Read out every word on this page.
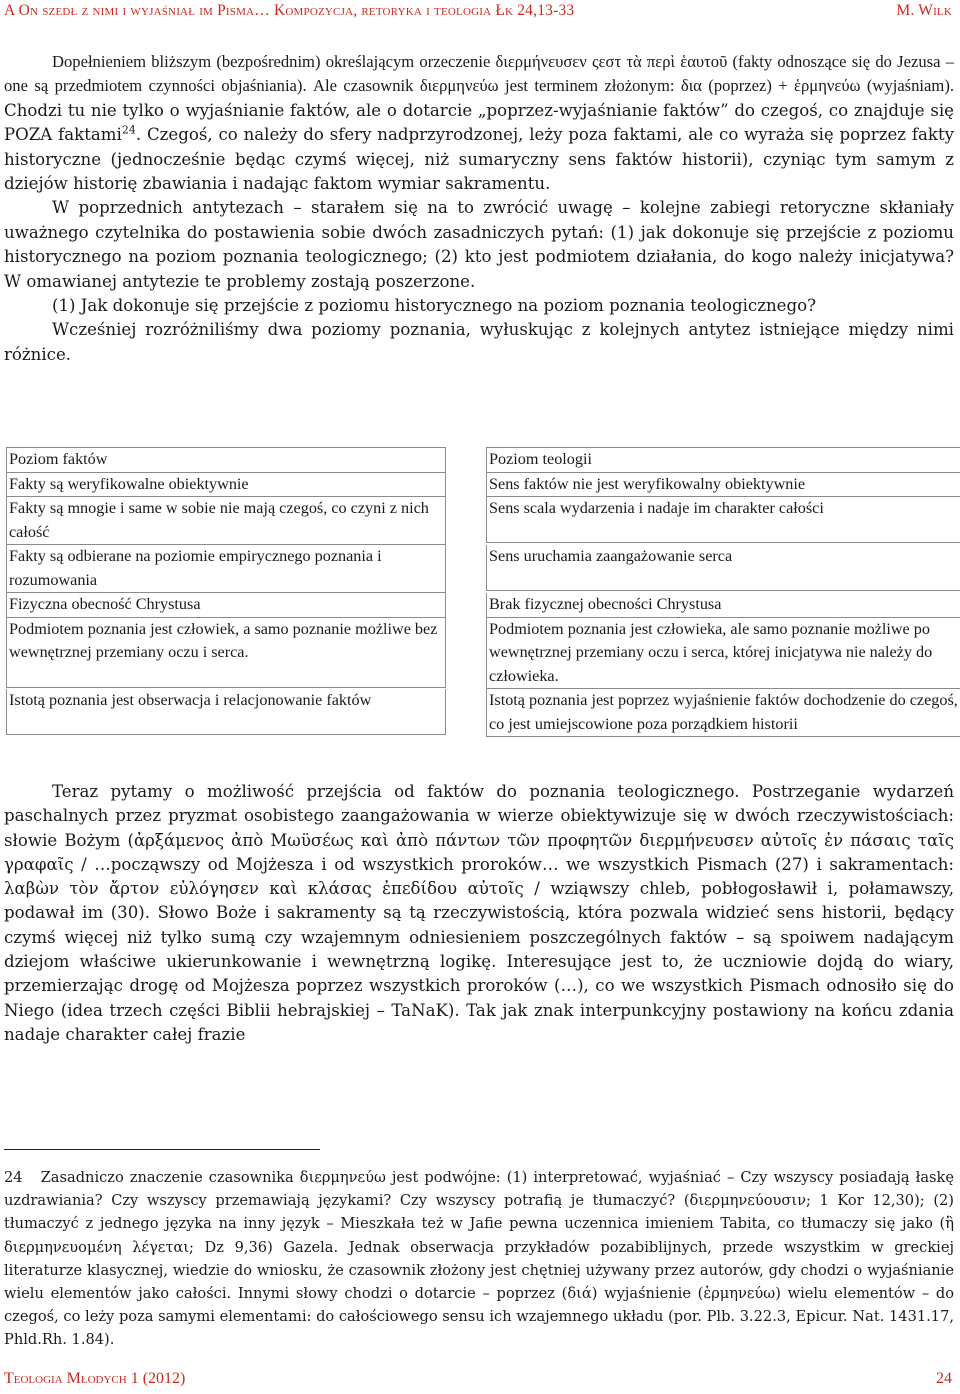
A On szedł z nimi i wyjaśniał im Pisma… Kompozycja, retoryka i teologia Łk 24,13-33	M. Wilk

Dopełnieniem bliższym (bezpośrednim) określającym orzeczenie διερμήνευσεν ςεστ τὰ περὶ ἑαυτοῦ (fakty odnoszące się do Jezusa – one są przedmiotem czynności objaśniania). Ale czasownik διερμηνεύω jest terminem złożonym: δια (poprzez) + ἑρμηνεύω (wyjaśniam). Chodzi tu nie tylko o wyjaśnianie faktów, ale o dotarcie „poprzez-wyjaśnianie faktów” do czegoś, co znajduje się POZA faktami$^{24}$. Czegoś, co należy do sfery nadprzyrodzonej, leży poza faktami, ale co wyraża się poprzez fakty historyczne (jednocześnie będąc czymś więcej, niż sumaryczny sens faktów historii), czyniąc tym samym z dziejów historię zbawiania i nadając faktom wymiar sakramentu.

W poprzednich antytezach – starałem się na to zwrócić uwagę – kolejne zabiegi retoryczne skłaniały uważnego czytelnika do postawienia sobie dwóch zasadniczych pytań: (1) jak dokonuje się przejście z poziomu historycznego na poziom poznania teologicznego; (2) kto jest podmiotem działania, do kogo należy inicjatywa? W omawianej antytezie te problemy zostają poszerzone.

(1) Jak dokonuje się przejście z poziomu historycznego na poziom poznania teologicznego?

Wcześniej rozróżniliśmy dwa poziomy poznania, wyłuskując z kolejnych antytez istniejące między nimi różnice.

Poziom faktów	Poziom teologii

Fakty są weryfikowalne obiektywnie	Sens faktów nie jest weryfikowalny obiektywnie

Fakty są mnogie i same w sobie nie mają czegoś, co czyni z nich całość	Sens scala wydarzenia i nadaje im charakter całości

Fakty są odbierane na poziomie empirycznego poznania i rozumowania	Sens uruchamia zaangażowanie serca

Fizyczna obecność Chrystusa	Brak fizycznej obecności Chrystusa

Podmiotem poznania jest człowiek, a samo poznanie możliwe bez wewnętrznej przemiany oczu i serca.	Podmiotem poznania jest człowieka, ale samo poznanie możliwe po wewnętrznej przemiany oczu i serca, której inicjatywa nie należy do człowieka.

Istotą poznania jest obserwacja i relacjonowanie faktów	Istotą poznania jest poprzez wyjaśnienie faktów dochodzenie do czegoś, co jest umiejscowione poza porządkiem historii

Teraz pytamy o możliwość przejścia od faktów do poznania teologicznego. Postrzeganie wydarzeń paschalnych przez pryzmat osobistego zaangażowania w wierze obiektywizuje się w dwóch rzeczywistościach: słowie Bożym (ἀρξάμενος ἀπὸ Μωϋσέως καὶ ἀπὸ πάντων τῶν προφητῶν διερμήνευσεν αὐτοῖς ἐν πάσαις ταῖς γραφαῖς / …począwszy od Mojżesza i od wszystkich proroków… we wszystkich Pismach (27) i sakramentach: λαβὼν τὸν ἄρτον εὐλόγησεν καὶ κλάσας ἐπεδίδου αὐτοῖς / wziąwszy chleb, pobłogosławił i, połamawszy, podawał im (30). Słowo Boże i sakramenty są tą rzeczywistością, która pozwala widzieć sens historii, będący czymś więcej niż tylko sumą czy wzajemnym odniesieniem poszczególnych faktów – są spoiwem nadającym dziejom właściwe ukierunkowanie i wewnętrzną logikę. Interesujące jest to, że uczniowie dojdą do wiary, przemierzając drogę od Mojżesza poprzez wszystkich proroków (…), co we wszystkich Pismach odnosiło się do Niego (idea trzech części Biblii hebrajskiej – TaNaK). Tak jak znak interpunkcyjny postawiony na końcu zdania nadaje charakter całej frazie

24 Zasadniczo znaczenie czasownika διερμηνεύω jest podwójne: (1) interpretować, wyjaśniać – Czy wszyscy posiadają łaskę uzdrawiania? Czy wszyscy przemawiają językami? Czy wszyscy potrafią je tłumaczyć? (διερμηνεύουσιν; 1 Kor 12,30); (2) tłumaczyć z jednego języka na inny język – Mieszkała też w Jafie pewna uczennica imieniem Tabita, co tłumaczy się jako (ἣ διερμηνευομένη λέγεται; Dz 9,36) Gazela. Jednak obserwacja przykładów pozabiblijnych, przede wszystkim w greckiej literaturze klasycznej, wiedzie do wniosku, że czasownik złożony jest chętniej używany przez autorów, gdy chodzi o wyjaśnianie wielu elementów jako całości. Innymi słowy chodzi o dotarcie – poprzez (διά) wyjaśnienie (ἑρμηνεύω) wielu elementów – do czegoś, co leży poza samymi elementami: do całościowego sensu ich wzajemnego układu (por. Plb. 3.22.3, Epicur. Nat. 1431.17, Phld.Rh. 1.84).
Teologia Młodych 1 (2012)	24
